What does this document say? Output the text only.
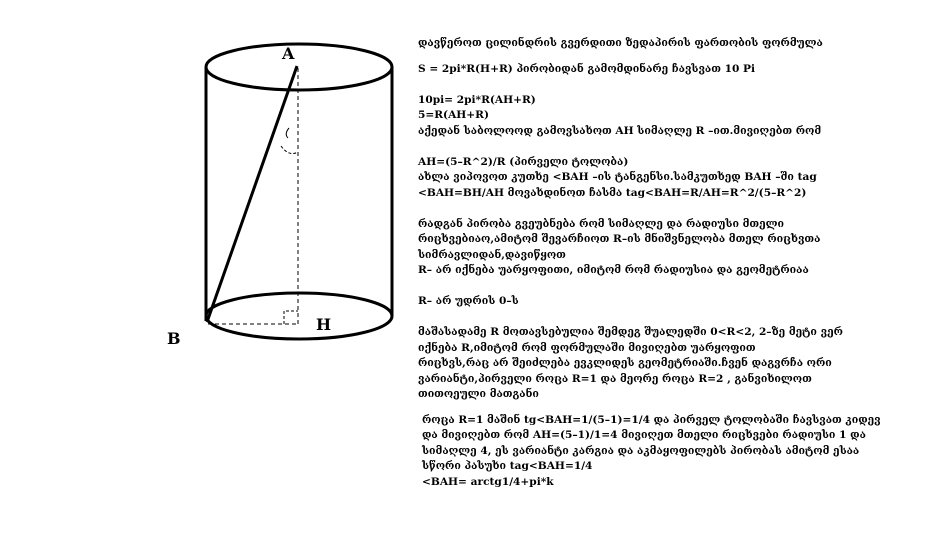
A
B
H
დავწეროთ ცილინდრის გვერდითი ზედაპირის ფართობის ფორმულა
S = 2pi*R(H+R) პირობიდან გამომდინარე ჩავსვათ 10 Pi
10pi= 2pi*R(AH+R)
5=R(AH+R)
აქედან საბოლოოდ გამოვსახოთ AH სიმაღლე R –ით.მივიღებთ რომ
AH=(5–R^2)/R (პირველი ტოლობა)
ახლა ვიპოვოთ კუთხე <BAH –ის ტანგენსი.სამკუთხედ BAH –ში tag
<BAH=BH/AH მოვახდინოთ ჩასმა tag<BAH=R/AH=R^2/(5–R^2)
რადგან პირობა გვეუბნება რომ სიმაღლე და რადიუსი მთელი
რიცხვებიაო,ამიტომ შევარჩიოთ R–ის მნიშვნელობა მთელ რიცხვთა
სიმრავლიდან,დავიწყოთ
R– არ იქნება უარყოფითი, იმიტომ რომ რადიუსია და გეომეტრიაა
R– არ უდრის 0–ს
მაშასადამე R მოთავსებულია შემდეგ შუალედში 0<R<2, 2–ზე მეტი ვერ
იქნება R,იმიტომ რომ ფორმულაში მივიღებთ უარყოფით
რიცხვს,რაც არ შეიძლება ევკლიდეს გეომეტრიაში.ჩვენ დაგვრჩა ორი
ვარიანტი,პირველი როცა R=1 და მეორე როცა R=2 , განვიხილოთ
თითოეული მათგანი
როცა R=1 მაშინ tg<BAH=1/(5–1)=1/4 და პირველ ტოლობაში ჩავსვათ კიდევ
და მივიღებთ რომ AH=(5–1)/1=4 მივიღეთ მთელი რიცხვები რადიუსი 1 და
სიმაღლე 4, ეს ვარიანტი კარგია და აკმაყოფილებს პირობას ამიტომ ესაა
სწორი პასუხი tag<BAH=1/4
<BAH= arctg1/4+pi*k
